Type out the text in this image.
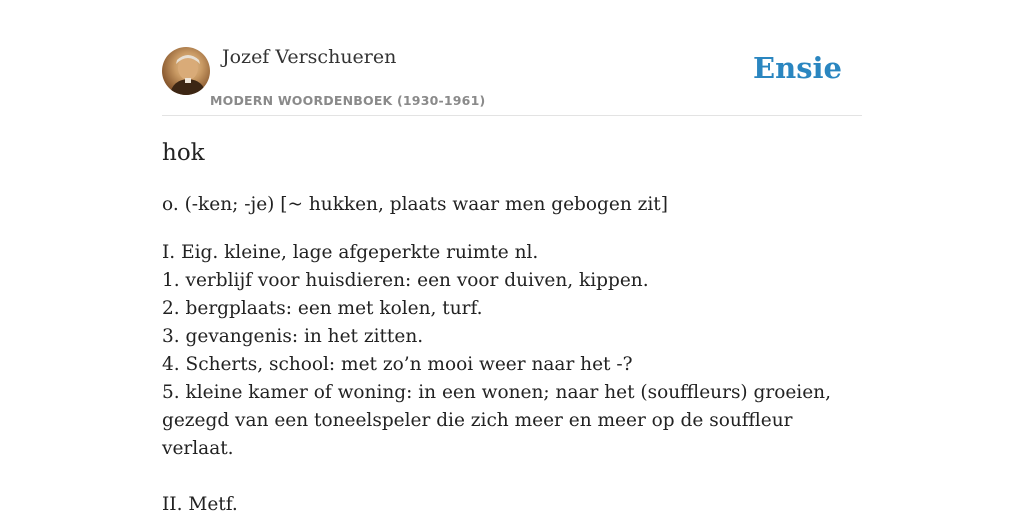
Jozef Verschueren
MODERN WOORDENBOEK (1930-1961)
Ensie
hok
o. (-ken; -je) [~ hukken, plaats waar men gebogen zit]
I. Eig. kleine, lage afgeperkte ruimte nl.
1. verblijf voor huisdieren: een voor duiven, kippen.
2. bergplaats: een met kolen, turf.
3. gevangenis: in het zitten.
4. Scherts, school: met zo’n mooi weer naar het -?
5. kleine kamer of woning: in een wonen; naar het (souffleurs) groeien, gezegd van een toneelspeler die zich meer en meer op de souffleur verlaat.
II. Metf.
